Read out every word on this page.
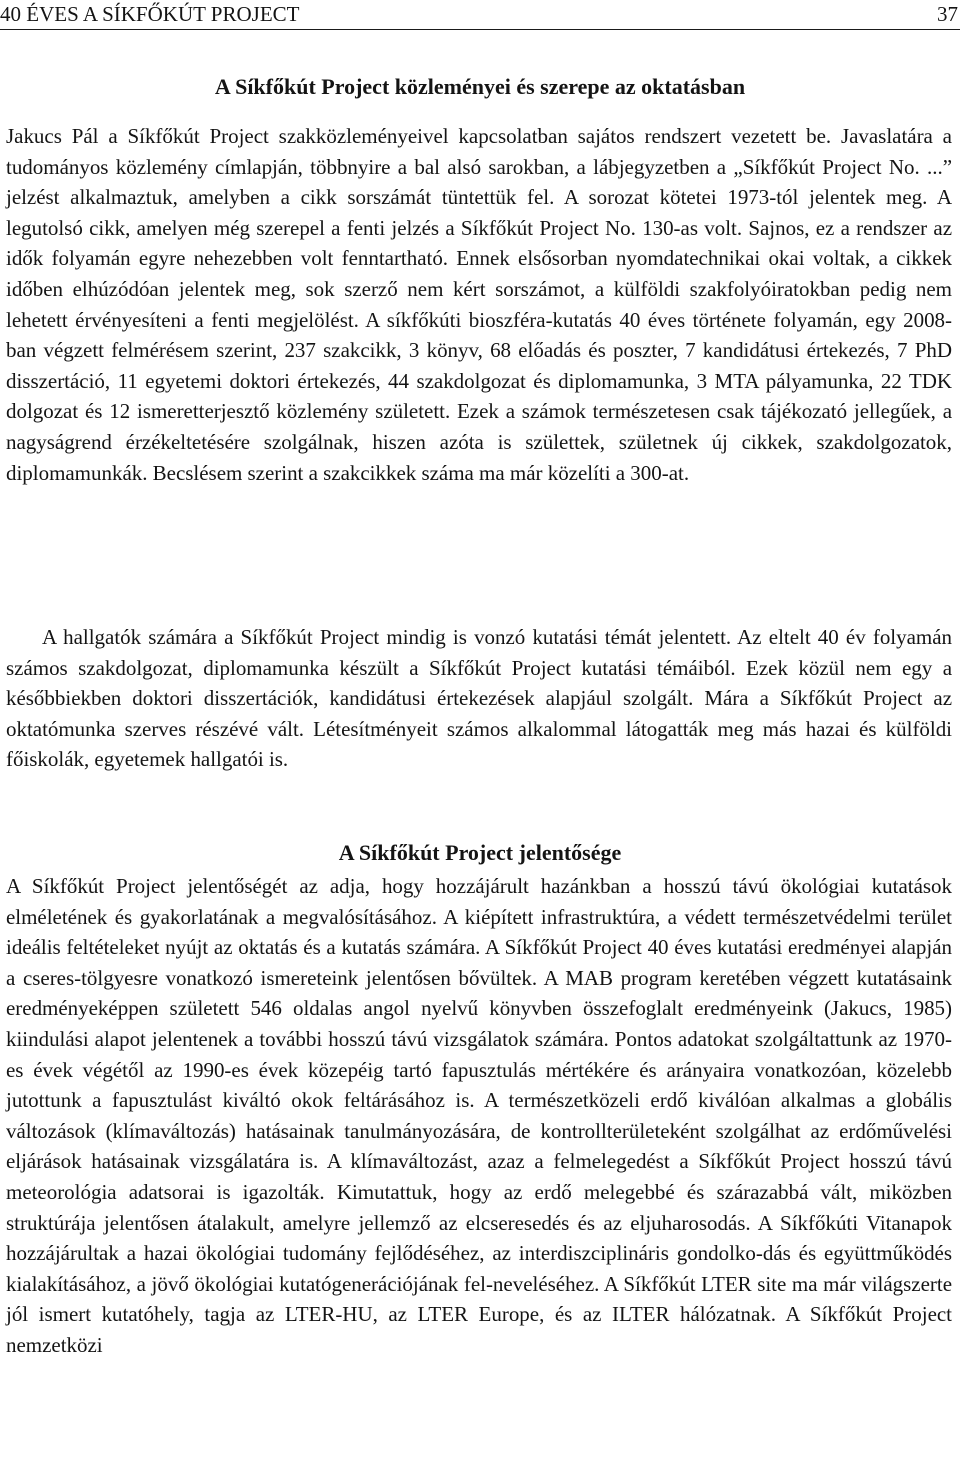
40 ÉVES A SÍKFŐKÚT PROJECT	37
A Síkfőkút Project közleményei és szerepe az oktatásban

Jakucs Pál a Síkfőkút Project szakközleményeivel kapcsolatban sajátos rendszert vezetett be. Javaslatára a tudományos közlemény címlapján, többnyire a bal alsó sarokban, a lábjegyzetben a „Síkfőkút Project No. ...” jelzést alkalmaztuk, amelyben a cikk sorszámát tüntettük fel. A sorozat kötetei 1973-tól jelentek meg. A legutolsó cikk, amelyen még szerepel a fenti jelzés a Síkfőkút Project No. 130-as volt. Sajnos, ez a rendszer az idők folyamán egyre nehezebben volt fenntartható. Ennek elsősorban nyomdatechnikai okai voltak, a cikkek időben elhúzódóan jelentek meg, sok szerző nem kért sorszámot, a külföldi szakfolyóiratokban pedig nem lehetett érvényesíteni a fenti megjelölést. A síkfőkúti bioszféra-kutatás 40 éves története folyamán, egy 2008-ban végzett felmérésem szerint, 237 szakcikk, 3 könyv, 68 előadás és poszter, 7 kandidátusi értekezés, 7 PhD disszertáció, 11 egyetemi doktori értekezés, 44 szakdolgozat és diplomamunka, 3 MTA pályamunka, 22 TDK dolgozat és 12 ismeretterjesztő közlemény született. Ezek a számok természetesen csak tájékozató jellegűek, a nagyságrend érzékeltetésére szolgálnak, hiszen azóta is születtek, születnek új cikkek, szakdolgozatok, diplomamunkák. Becslésem szerint a szakcikkek száma ma már közelíti a 300-at.

A hallgatók számára a Síkfőkút Project mindig is vonzó kutatási témát jelentett. Az eltelt 40 év folyamán számos szakdolgozat, diplomamunka készült a Síkfőkút Project kutatási témáiból. Ezek közül nem egy a későbbiekben doktori disszertációk, kandidátusi értekezések alapjául szolgált. Mára a Síkfőkút Project az oktatómunka szerves részévé vált. Létesítményeit számos alkalommal látogatták meg más hazai és külföldi főiskolák, egyetemek hallgatói is.

A Síkfőkút Project jelentősége

A Síkfőkút Project jelentőségét az adja, hogy hozzájárult hazánkban a hosszú távú ökológiai kutatások elméletének és gyakorlatának a megvalósításához. A kiépített infrastruktúra, a védett természetvédelmi terület ideális feltételeket nyújt az oktatás és a kutatás számára. A Síkfőkút Project 40 éves kutatási eredményei alapján a cseres-tölgyesre vonatkozó ismereteink jelentősen bővültek. A MAB program keretében végzett kutatásaink eredményeképpen született 546 oldalas angol nyelvű könyvben összefoglalt eredményeink (Jakucs, 1985) kiindulási alapot jelentenek a további hosszú távú vizsgálatok számára. Pontos adatokat szolgáltattunk az 1970-es évek végétől az 1990-es évek közepéig tartó fapusztulás mértékére és arányaira vonatkozóan, közelebb jutottunk a fapusztulást kiváltó okok feltárásához is. A természetközeli erdő kiválóan alkalmas a globális változások (klímaváltozás) hatásainak tanulmányozására, de kontrollterületeként szolgálhat az erdőművelési eljárások hatásainak vizsgálatára is. A klímaváltozást, azaz a felmelegedést a Síkfőkút Project hosszú távú meteorológia adatsorai is igazolták. Kimutattuk, hogy az erdő melegebbé és szárazabbá vált, miközben struktúrája jelentősen átalakult, amelyre jellemző az elcseresedés és az eljuharosodás. A Síkfőkúti Vitanapok hozzájárultak a hazai ökológiai tudomány fejlődéséhez, az interdiszciplináris gondolko-dás és együttműködés kialakításához, a jövő ökológiai kutatógenerációjának fel-neveléséhez. A Síkfőkút LTER site ma már világszerte jól ismert kutatóhely, tagja az LTER-HU, az LTER Europe, és az ILTER hálózatnak. A Síkfőkút Project nemzetközi
